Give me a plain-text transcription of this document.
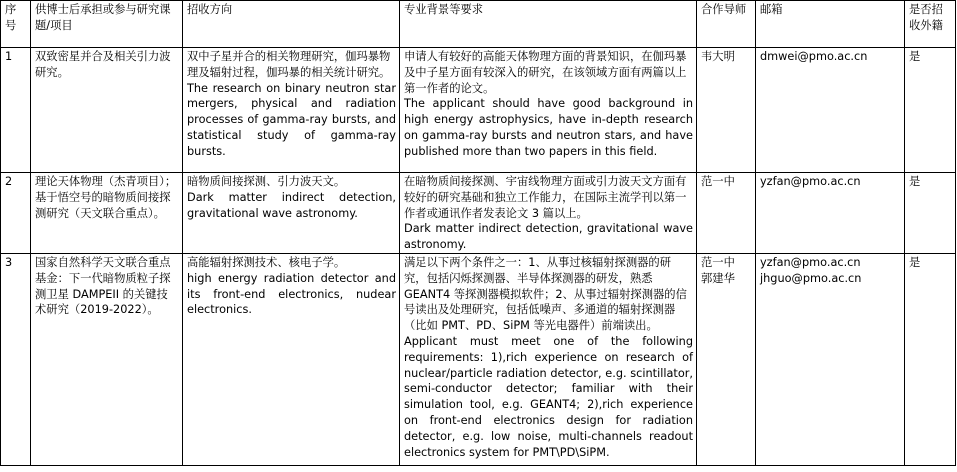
序号	供博士后承担或参与研究课题/项目	招收方向	专业背景等要求	合作导师	邮箱	是否招收外籍
1	双致密星并合及相关引力波研究。	双中子星并合的相关物理研究，伽玛暴物理及辐射过程，伽玛暴的相关统计研究。
The research on binary neutron star mergers, physical and radiation processes of gamma-ray bursts, and statistical study of gamma-ray bursts.	申请人有较好的高能天体物理方面的背景知识，在伽玛暴及中子星方面有较深入的研究，在该领域方面有两篇以上第一作者的论文。
The applicant should have good background in high energy astrophysics, have in-depth research on gamma-ray bursts and neutron stars, and have published more than two papers in this field.	韦大明	dmwei@pmo.ac.cn	是
2	理论天体物理（杰青项目）；
基于悟空号的暗物质间接探测研究（天文联合重点）。	暗物质间接探测、引力波天文。
Dark matter indirect detection, gravitational wave astronomy.	在暗物质间接探测、宇宙线物理方面或引力波天文方面有较好的研究基础和独立工作能力，在国际主流学刊以第一作者或通讯作者发表论文 3 篇以上。
Dark matter indirect detection, gravitational wave astronomy.	范一中	yzfan@pmo.ac.cn	是
3	国家自然科学天文联合重点基金：下一代暗物质粒子探测卫星 DAMPEII 的关键技术研究（2019-2022）。	高能辐射探测技术、核电子学。
high energy radiation detector and its front-end electronics, nudear electronics.	满足以下两个条件之一：1、从事过核辐射探测器的研究，包括闪烁探测器、半导体探测器的研发，熟悉 GEANT4 等探测器模拟软件；2、从事过辐射探测器的信号读出及处理研究，包括低噪声、多通道的辐射探测器（比如 PMT、PD、SiPM 等光电器件）前端读出。
Applicant must meet one of the following requirements: 1),rich experience on research of nuclear/particle radiation detector, e.g. scintillator, semi-conductor detector; familiar with their simulation tool, e.g. GEANT4; 2),rich experience on front-end electronics design for radiation detector, e.g. low noise, multi-channels readout electronics system for PMT\PD\SiPM.	范一中
郭建华	yzfan@pmo.ac.cn
jhguo@pmo.ac.cn	是
